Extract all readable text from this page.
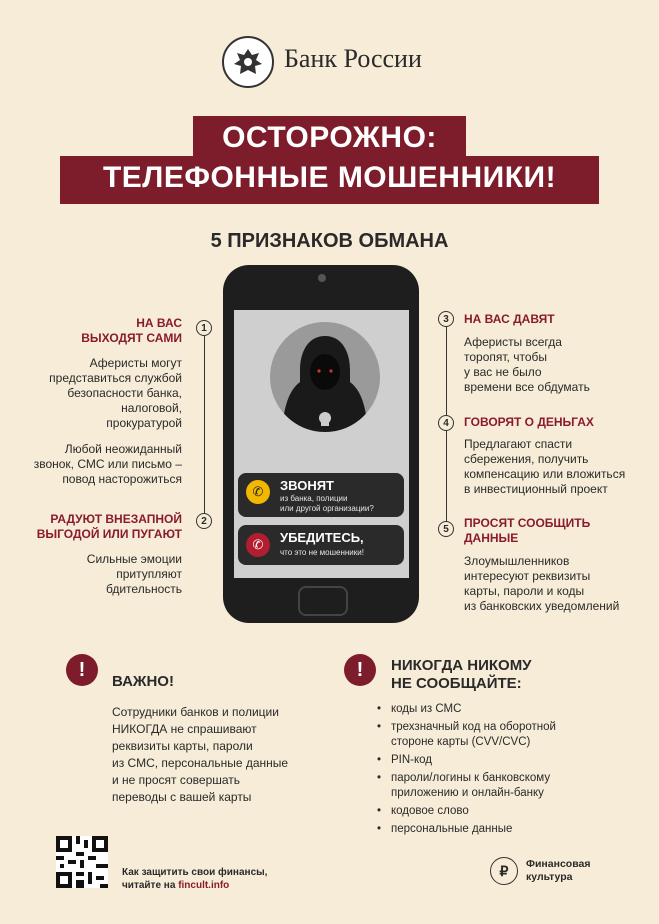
Банк России
ОСТОРОЖНО:
ТЕЛЕФОННЫЕ МОШЕННИКИ!
5 ПРИЗНАКОВ ОБМАНА
✆	ЗВОНЯТ
из банка, полиции
или другой организации?
✆	УБЕДИТЕСЬ,
что это не мошенники!
1
2
3
4
5
НА ВАС
ВЫХОДЯТ САМИ
Аферисты могут
представиться службой
безопасности банка,
налоговой,
прокуратурой
Любой неожиданный
звонок, СМС или письмо –
повод насторожиться
РАДУЮТ ВНЕЗАПНОЙ
ВЫГОДОЙ ИЛИ ПУГАЮТ
Сильные эмоции
притупляют
бдительность
НА ВАС ДАВЯТ
Аферисты всегда
торопят, чтобы
у вас не было
времени все обдумать
ГОВОРЯТ О ДЕНЬГАХ
Предлагают спасти
сбережения, получить
компенсацию или вложиться
в инвестиционный проект
ПРОСЯТ СООБЩИТЬ
ДАННЫЕ
Злоумышленников
интересуют реквизиты
карты, пароли и коды
из банковских уведомлений
!
ВАЖНО!
Сотрудники банков и полиции
НИКОГДА не спрашивают
реквизиты карты, пароли
из СМС, персональные данные
и не просят совершать
переводы с вашей карты
!	НИКОГДА НИКОМУ
НЕ СООБЩАЙТЕ:
• коды из СМС
• трехзначный код на оборотной стороне карты (CVV/CVC)
• PIN-код
• пароли/логины к банковскому приложению и онлайн-банку
• кодовое слово
• персональные данные
Как защитить свои финансы,
читайте на fincult.info
₽	Финансовая
культура
